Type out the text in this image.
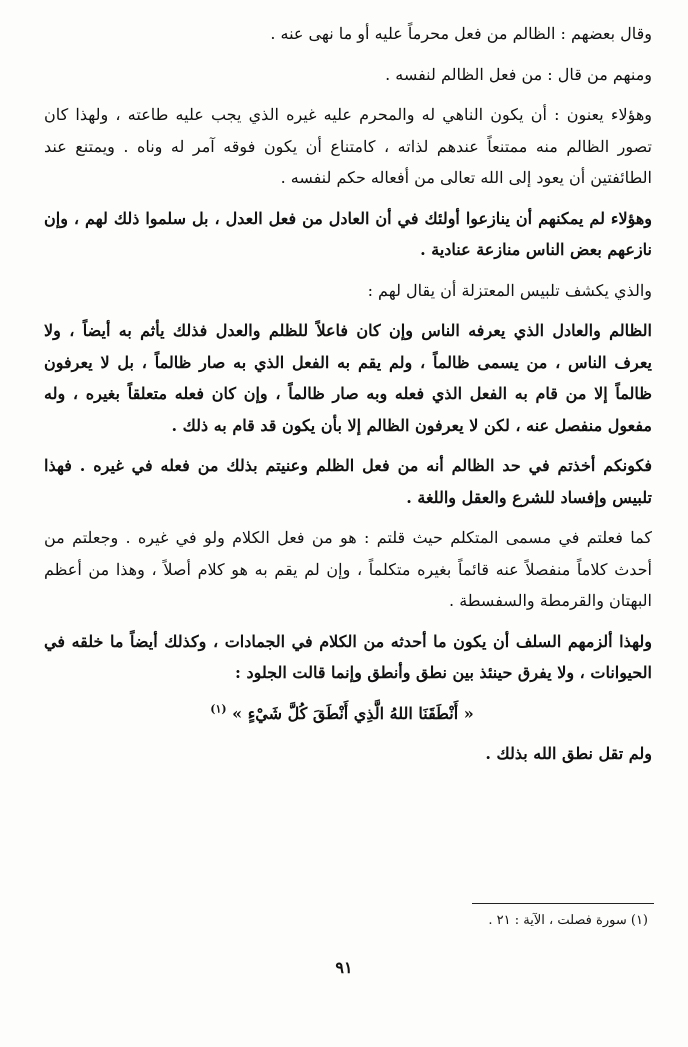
وقال بعضهم : الظالم من فعل محرماً عليه أو ما نهى عنه .

ومنهم من قال : من فعل الظالم لنفسه .

وهؤلاء يعنون : أن يكون الناهي له والمحرم عليه غيره الذي يجب عليه طاعته ، ولهذا كان تصور الظالم منه ممتنعاً عندهم لذاته ، كامتناع أن يكون فوقه آمر له وناه . ويمتنع عند الطائفتين أن يعود إلى الله تعالى من أفعاله حكم لنفسه .

وهؤلاء لم يمكنهم أن ينازعوا أولئك في أن العادل من فعل العدل ، بل سلموا ذلك لهم ، وإن نازعهم بعض الناس منازعة عنادية .

والذي يكشف تلبيس المعتزلة أن يقال لهم :

الظالم والعادل الذي يعرفه الناس وإن كان فاعلاً للظلم والعدل فذلك يأثم به أيضاً ، ولا يعرف الناس ، من يسمى ظالماً ، ولم يقم به الفعل الذي به صار ظالماً ، بل لا يعرفون ظالماً إلا من قام به الفعل الذي فعله وبه صار ظالماً ، وإن كان فعله متعلقاً بغيره ، وله مفعول منفصل عنه ، لكن لا يعرفون الظالم إلا بأن يكون قد قام به ذلك .

فكونكم أخذتم في حد الظالم أنه من فعل الظلم وعنيتم بذلك من فعله في غيره . فهذا تلبيس وإفساد للشرع والعقل واللغة .

كما فعلتم في مسمى المتكلم حيث قلتم : هو من فعل الكلام ولو في غيره . وجعلتم من أحدث كلاماً منفصلاً عنه قائماً بغيره متكلماً ، وإن لم يقم به هو كلام أصلاً ، وهذا من أعظم البهتان والقرمطة والسفسطة .

ولهذا ألزمهم السلف أن يكون ما أحدثه من الكلام في الجمادات ، وكذلك أيضاً ما خلقه في الحيوانات ، ولا يفرق حينئذ بين نطق وأنطق وإنما قالت الجلود :

« أَنْطَقَنَا اللهُ الَّذِي أَنْطَقَ كُلَّ شَيْءٍ » $^{(١)}$

ولم تقل نطق الله بذلك .

(١) سورة فصلت ، الآية : ٢١ .
٩١
